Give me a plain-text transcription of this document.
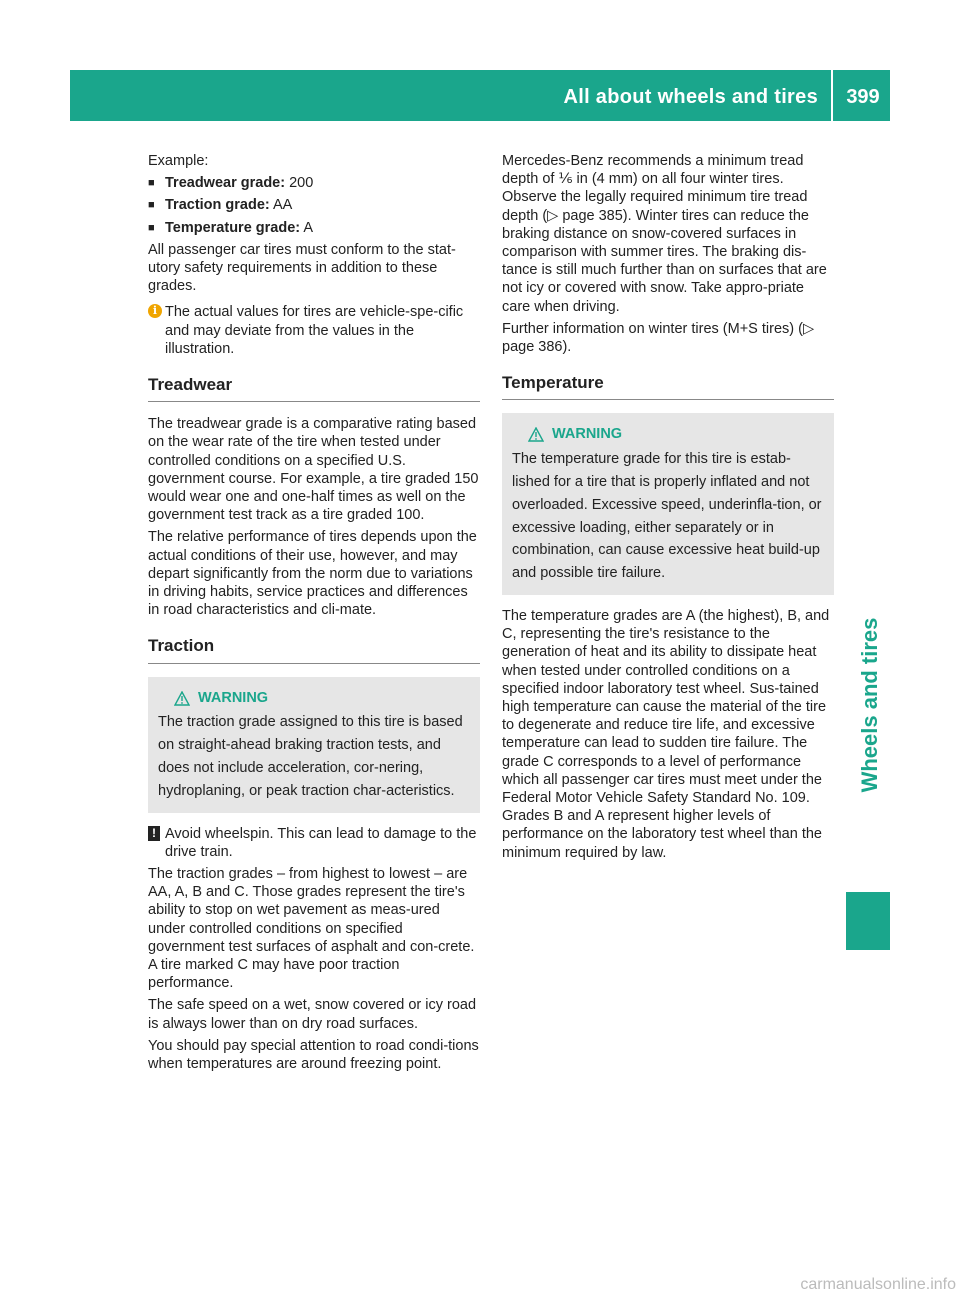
All about wheels and tires	399
Wheels and tires

Example:

■ Treadwear grade: 200
■ Traction grade: AA
■ Temperature grade: A

All passenger car tires must conform to the stat-utory safety requirements in addition to these grades.

i The actual values for tires are vehicle-spe-cific and may deviate from the values in the illustration.
Treadwear

The treadwear grade is a comparative rating based on the wear rate of the tire when tested under controlled conditions on a specified U.S. government course. For example, a tire graded 150 would wear one and one-half times as well on the government test track as a tire graded 100.

The relative performance of tires depends upon the actual conditions of their use, however, and may depart significantly from the norm due to variations in driving habits, service practices and differences in road characteristics and cli-mate.

Traction
WARNING
The traction grade assigned to this tire is based on straight-ahead braking traction tests, and does not include acceleration, cor-nering, hydroplaning, or peak traction char-acteristics.
! Avoid wheelspin. This can lead to damage to the drive train.

The traction grades – from highest to lowest – are AA, A, B and C. Those grades represent the tire's ability to stop on wet pavement as meas-ured under controlled conditions on specified government test surfaces of asphalt and con-crete. A tire marked C may have poor traction performance.

The safe speed on a wet, snow covered or icy road is always lower than on dry road surfaces.

You should pay special attention to road condi-tions when temperatures are around freezing point.

Mercedes-Benz recommends a minimum tread depth of ⅙ in (4 mm) on all four winter tires. Observe the legally required minimum tire tread depth (▷ page 385). Winter tires can reduce the braking distance on snow-covered surfaces in comparison with summer tires. The braking dis-tance is still much further than on surfaces that are not icy or covered with snow. Take appro-priate care when driving.

Further information on winter tires (M+S tires) (▷ page 386).

Temperature
WARNING
The temperature grade for this tire is estab-lished for a tire that is properly inflated and not overloaded. Excessive speed, underinfla-tion, or excessive loading, either separately or in combination, can cause excessive heat build-up and possible tire failure.

The temperature grades are A (the highest), B, and C, representing the tire's resistance to the generation of heat and its ability to dissipate heat when tested under controlled conditions on a specified indoor laboratory test wheel. Sus-tained high temperature can cause the material of the tire to degenerate and reduce tire life, and excessive temperature can lead to sudden tire failure. The grade C corresponds to a level of performance which all passenger car tires must meet under the Federal Motor Vehicle Safety Standard No. 109. Grades B and A represent higher levels of performance on the laboratory test wheel than the minimum required by law.

carmanualsonline.info
